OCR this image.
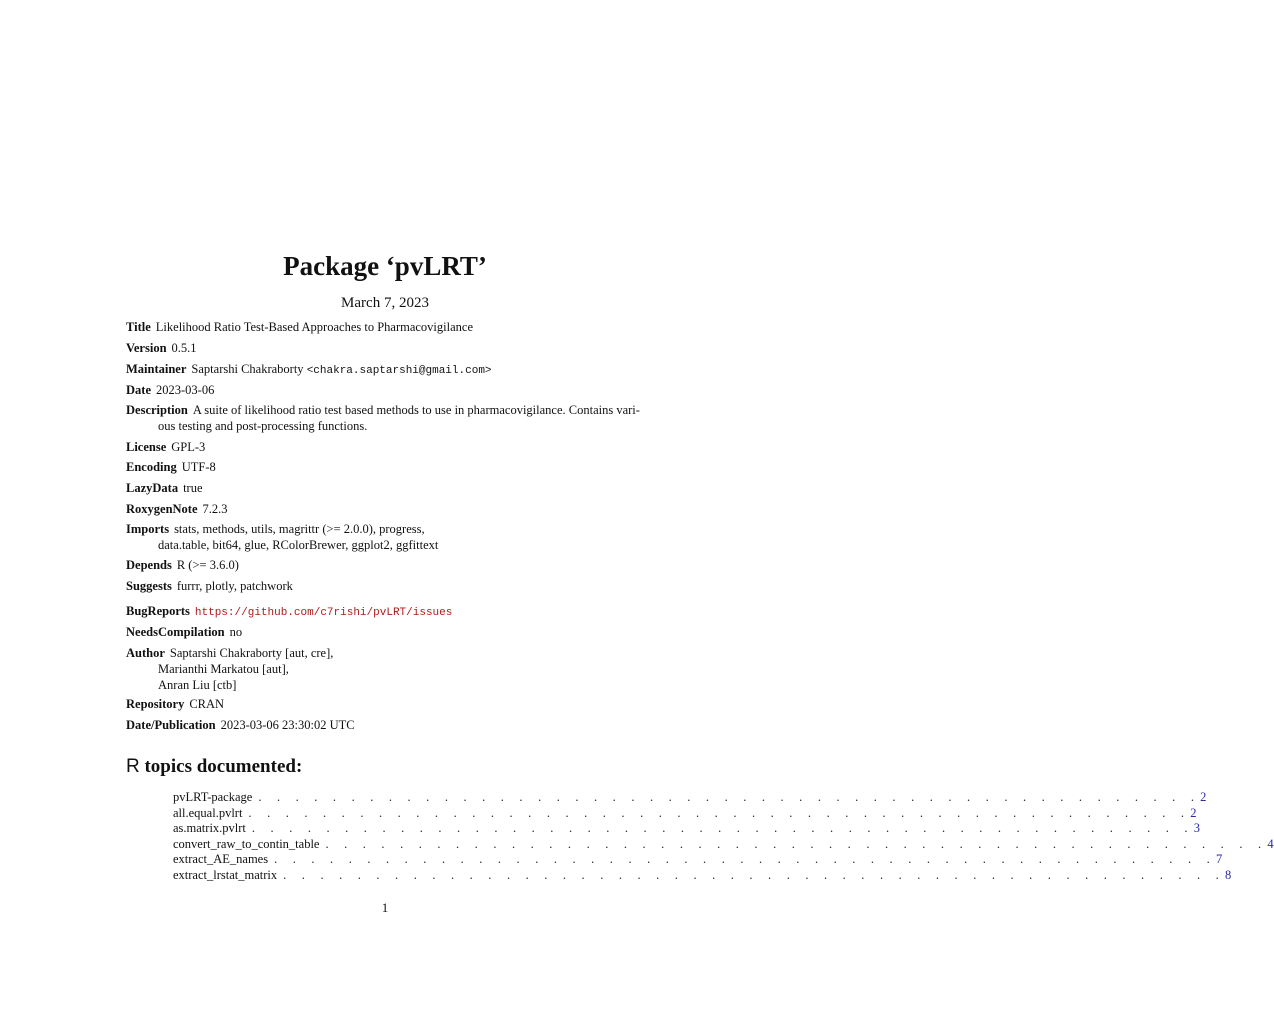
Package ‘pvLRT’
March 7, 2023
Title Likelihood Ratio Test-Based Approaches to Pharmacovigilance
Version 0.5.1
Maintainer Saptarshi Chakraborty <chakra.saptarshi@gmail.com>
Date 2023-03-06
Description A suite of likelihood ratio test based methods to use in pharmacovigilance. Contains vari-
ous testing and post-processing functions.
License GPL-3
Encoding UTF-8
LazyData true
RoxygenNote 7.2.3
Imports stats, methods, utils, magrittr (>= 2.0.0), progress,
data.table, bit64, glue, RColorBrewer, ggplot2, ggfittext
Depends R (>= 3.6.0)
Suggests furrr, plotly, patchwork
BugReports https://github.com/c7rishi/pvLRT/issues
NeedsCompilation no
Author Saptarshi Chakraborty [aut, cre],
Marianthi Markatou [aut],
Anran Liu [ctb]
Repository CRAN
Date/Publication 2023-03-06 23:30:02 UTC
R topics documented:
pvLRT-package . . . . . . . . . . . . . . . . . . . . . . . . . . . . . . . . . . . . . . . . . . . . . . . . . . . 2
all.equal.pvlrt . . . . . . . . . . . . . . . . . . . . . . . . . . . . . . . . . . . . . . . . . . . . . . . . . . . 2
as.matrix.pvlrt . . . . . . . . . . . . . . . . . . . . . . . . . . . . . . . . . . . . . . . . . . . . . . . . . . . 3
convert_raw_to_contin_table . . . . . . . . . . . . . . . . . . . . . . . . . . . . . . . . . . . . . . . . . . . . . . . . . . . 4
extract_AE_names . . . . . . . . . . . . . . . . . . . . . . . . . . . . . . . . . . . . . . . . . . . . . . . . . . . 7
extract_lrstat_matrix . . . . . . . . . . . . . . . . . . . . . . . . . . . . . . . . . . . . . . . . . . . . . . . . . . . 8
1
